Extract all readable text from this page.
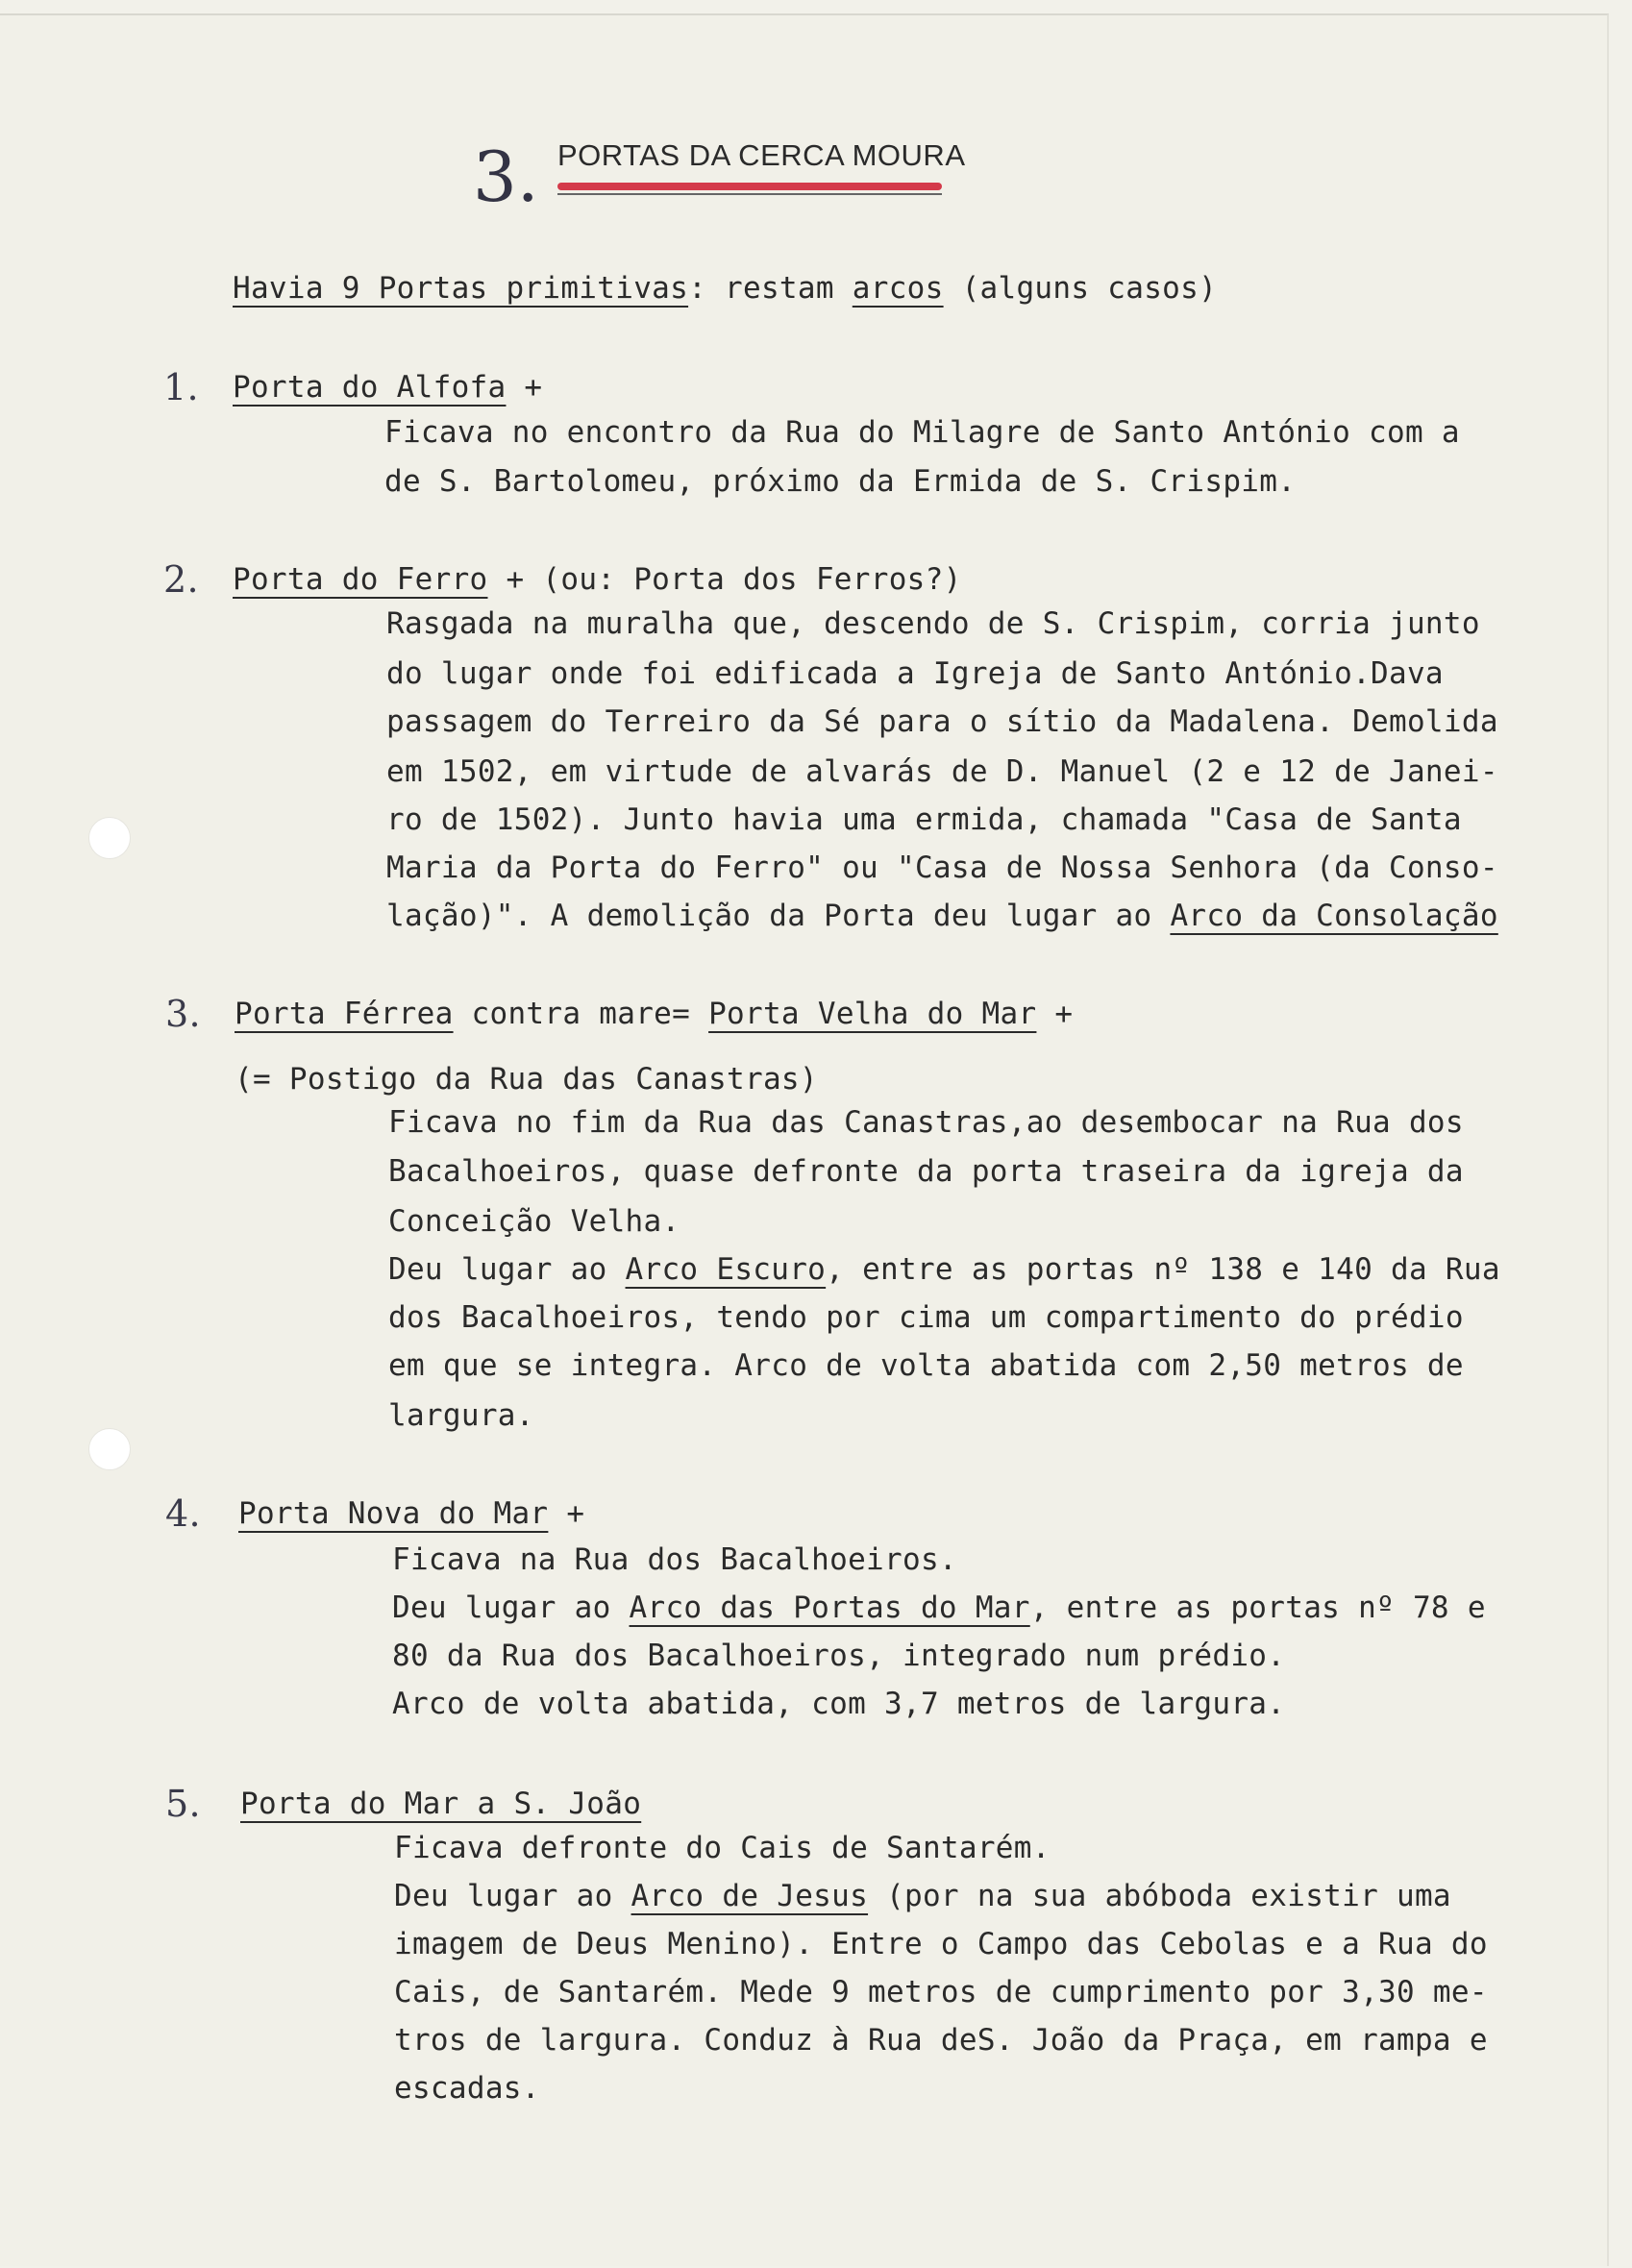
3. PORTAS DA CERCA MOURA
Havia 9 Portas primitivas: restam arcos (alguns casos)
1. Porta do Alfofa +
Ficava no encontro da Rua do Milagre de Santo António com a
de S. Bartolomeu, próximo da Ermida de S. Crispim.
2. Porta do Ferro + (ou: Porta dos Ferros?)
Rasgada na muralha que, descendo de S. Crispim, corria junto
do lugar onde foi edificada a Igreja de Santo António.Dava
passagem do Terreiro da Sé para o sítio da Madalena. Demolida
em 1502, em virtude de alvarás de D. Manuel (2 e 12 de Janei-
ro de 1502). Junto havia uma ermida, chamada "Casa de Santa
Maria da Porta do Ferro" ou "Casa de Nossa Senhora (da Conso-
lação)". A demolição da Porta deu lugar ao Arco da Consolação
3. Porta Férrea contra mare= Porta Velha do Mar +
(= Postigo da Rua das Canastras)
Ficava no fim da Rua das Canastras,ao desembocar na Rua dos
Bacalhoeiros, quase defronte da porta traseira da igreja da
Conceição Velha.
Deu lugar ao Arco Escuro, entre as portas nº 138 e 140 da Rua
dos Bacalhoeiros, tendo por cima um compartimento do prédio
em que se integra. Arco de volta abatida com 2,50 metros de
largura.
4. Porta Nova do Mar +
Ficava na Rua dos Bacalhoeiros.
Deu lugar ao Arco das Portas do Mar, entre as portas nº 78 e
80 da Rua dos Bacalhoeiros, integrado num prédio.
Arco de volta abatida, com 3,7 metros de largura.
5. Porta do Mar a S. João
Ficava defronte do Cais de Santarém.
Deu lugar ao Arco de Jesus (por na sua abóboda existir uma
imagem de Deus Menino). Entre o Campo das Cebolas e a Rua do
Cais, de Santarém. Mede 9 metros de cumprimento por 3,30 me-
tros de largura. Conduz à Rua deS. João da Praça, em rampa e
escadas.
